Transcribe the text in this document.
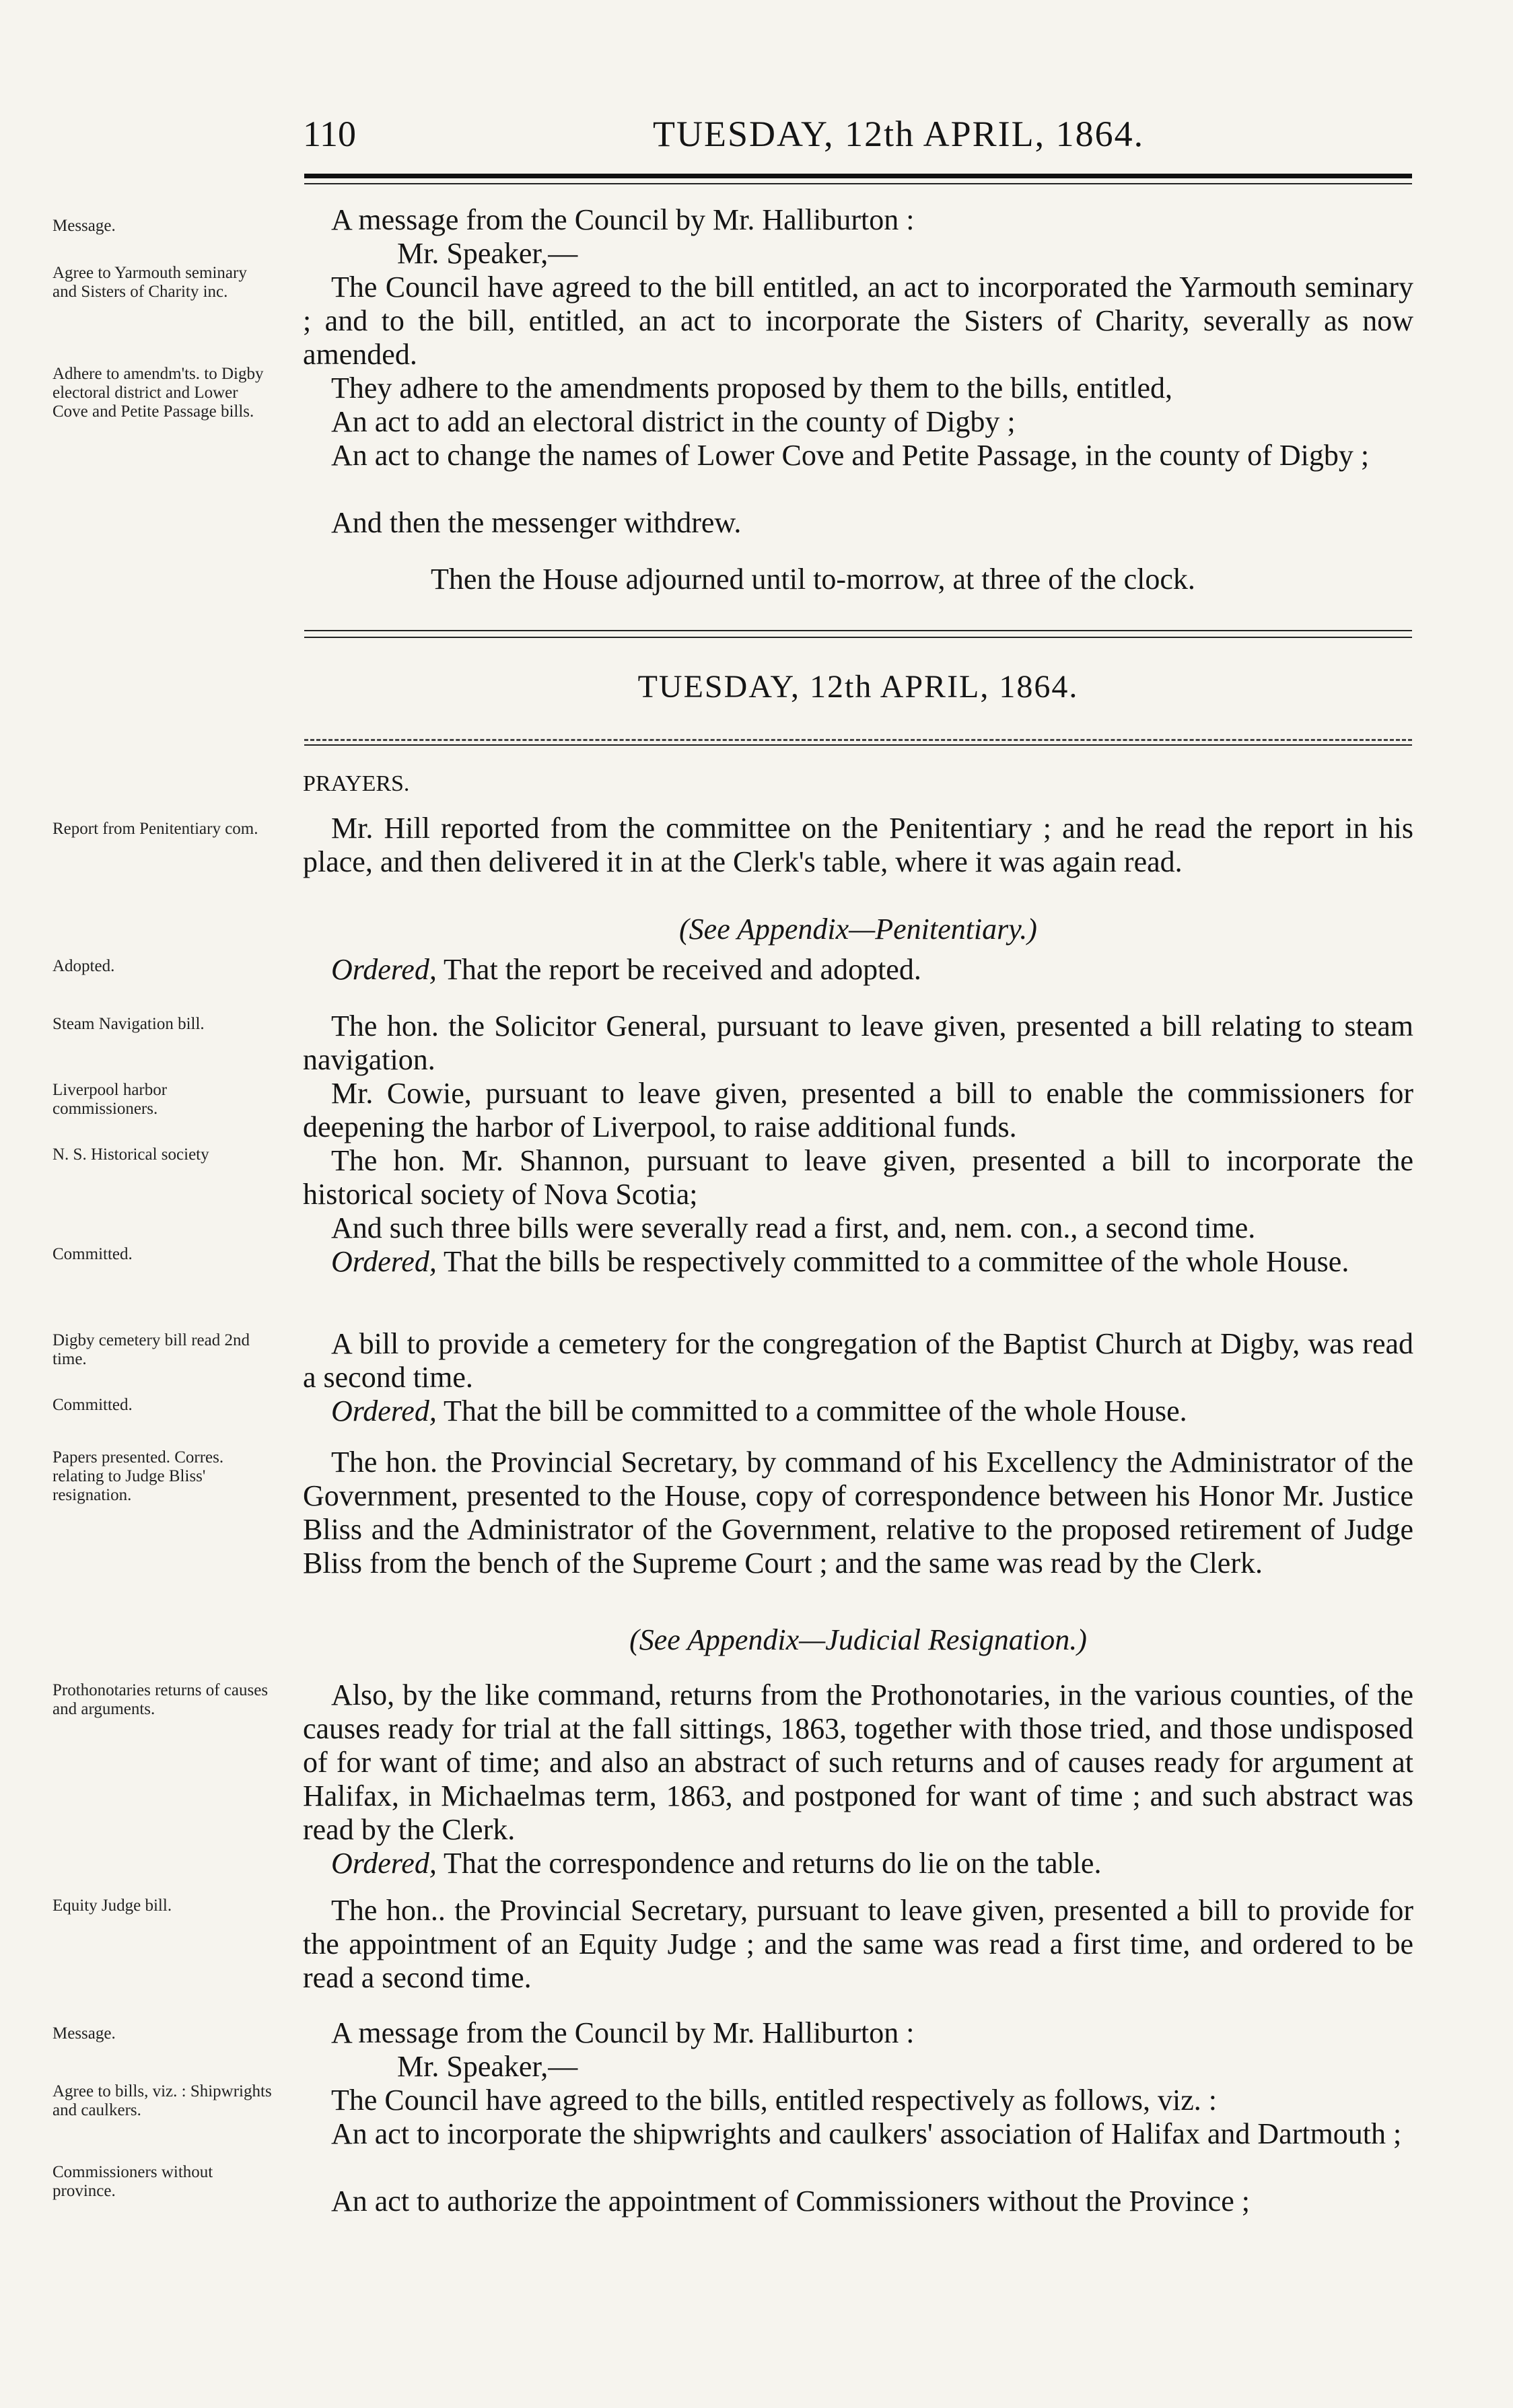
110	TUESDAY, 12th APRIL, 1864.
Message.
Agree to Yarmouth seminary and Sisters of Charity inc.
Adhere to amendm'ts. to Digby electoral district and Lower Cove and Petite Passage bills.
A message from the Council by Mr. Halliburton :
Mr. Speaker,—
The Council have agreed to the bill entitled, an act to incorporated the Yarmouth seminary ; and to the bill, entitled, an act to incorporate the Sisters of Charity, severally as now amended.
They adhere to the amendments proposed by them to the bills, entitled,
An act to add an electoral district in the county of Digby ;
An act to change the names of Lower Cove and Petite Passage, in the county of Digby ;
And then the messenger withdrew.
Then the House adjourned until to-morrow, at three of the clock.
TUESDAY, 12th APRIL, 1864.
PRAYERS.
Report from Penitentiary com.
Adopted.
Steam Navigation bill.
Liverpool harbor commissioners.
N. S. Historical society
Committed.
Digby cemetery bill read 2nd time.
Committed.
Papers presented. Corres. relating to Judge Bliss' resignation.
Prothonotaries returns of causes and arguments.
Equity Judge bill.
Message.
Agree to bills, viz. : Shipwrights and caulkers.
Commissioners without province.
Mr. Hill reported from the committee on the Penitentiary ; and he read the report in his place, and then delivered it in at the Clerk's table, where it was again read.
(See Appendix—Penitentiary.)
Ordered, That the report be received and adopted.
The hon. the Solicitor General, pursuant to leave given, presented a bill relating to steam navigation.
Mr. Cowie, pursuant to leave given, presented a bill to enable the commissioners for deepening the harbor of Liverpool, to raise additional funds.
The hon. Mr. Shannon, pursuant to leave given, presented a bill to incorporate the historical society of Nova Scotia;
And such three bills were severally read a first, and, nem. con., a second time.
Ordered, That the bills be respectively committed to a committee of the whole House.
A bill to provide a cemetery for the congregation of the Baptist Church at Digby, was read a second time.
Ordered, That the bill be committed to a committee of the whole House.
The hon. the Provincial Secretary, by command of his Excellency the Administrator of the Government, presented to the House, copy of correspondence between his Honor Mr. Justice Bliss and the Administrator of the Government, relative to the proposed retirement of Judge Bliss from the bench of the Supreme Court ; and the same was read by the Clerk.
(See Appendix—Judicial Resignation.)
Also, by the like command, returns from the Prothonotaries, in the various counties, of the causes ready for trial at the fall sittings, 1863, together with those tried, and those undisposed of for want of time; and also an abstract of such returns and of causes ready for argument at Halifax, in Michaelmas term, 1863, and postponed for want of time ; and such abstract was read by the Clerk.
Ordered, That the correspondence and returns do lie on the table.
The hon.. the Provincial Secretary, pursuant to leave given, presented a bill to provide for the appointment of an Equity Judge ; and the same was read a first time, and ordered to be read a second time.
A message from the Council by Mr. Halliburton :
Mr. Speaker,—
The Council have agreed to the bills, entitled respectively as follows, viz. :
An act to incorporate the shipwrights and caulkers' association of Halifax and Dartmouth ;
An act to authorize the appointment of Commissioners without the Province ;
